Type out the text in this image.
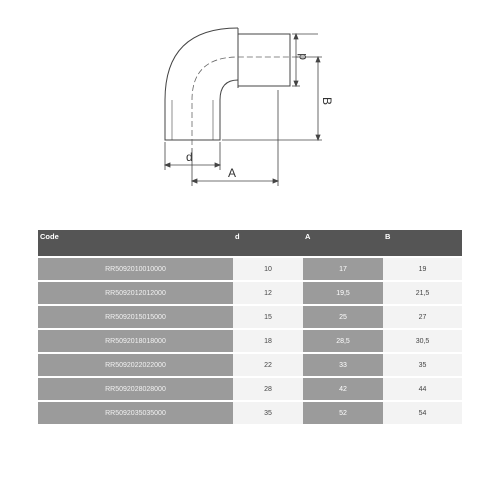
d
A
d
B
Code	d	A	B
RR5092010010000	10	17	19
RR5092012012000	12	19,5	21,5
RR5092015015000	15	25	27
RR5092018018000	18	28,5	30,5
RR5092022022000	22	33	35
RR5092028028000	28	42	44
RR5092035035000	35	52	54
